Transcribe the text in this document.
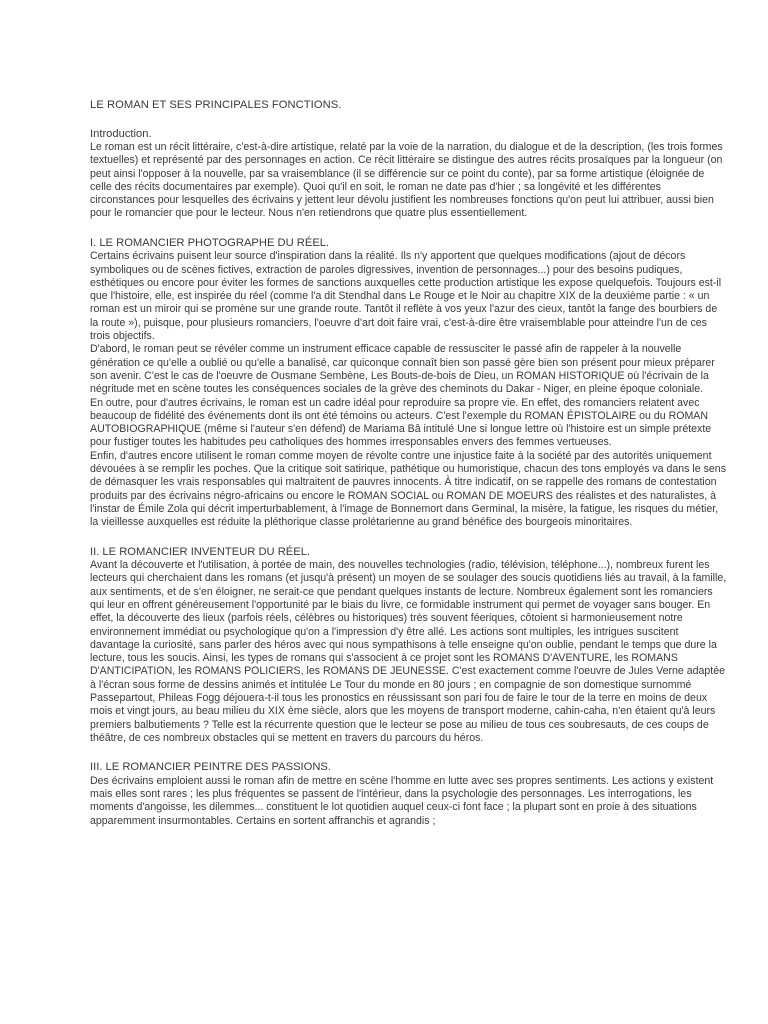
LE ROMAN ET SES PRINCIPALES FONCTIONS.
Introduction.

Le roman est un récit littéraire, c'est-à-dire artistique, relaté par la voie de la narration, du dialogue et de la description, (les trois formes textuelles) et représenté par des personnages en action. Ce récit littéraire se distingue des autres récits prosaïques par la longueur (on peut ainsi l'opposer à la nouvelle, par sa vraisemblance (il se différencie sur ce point du conte), par sa forme artistique (éloignée de celle des récits documentaires par exemple). Quoi qu'il en soit, le roman ne date pas d'hier ; sa longévité et les différentes circonstances pour lesquelles des écrivains y jettent leur dévolu justifient les nombreuses fonctions qu'on peut lui attribuer, aussi bien pour le romancier que pour le lecteur. Nous n'en retiendrons que quatre plus essentiellement.

I. LE ROMANCIER PHOTOGRAPHE DU RÉEL.

Certains écrivains puisent leur source d'inspiration dans la réalité. Ils n'y apportent que quelques modifications (ajout de décors symboliques ou de scènes fictives, extraction de paroles digressives, invention de personnages...) pour des besoins pudiques, esthétiques ou encore pour éviter les formes de sanctions auxquelles cette production artistique les expose quelquefois. Toujours est-il que l'histoire, elle, est inspirée du réel (comme l'a dit Stendhal dans Le Rouge et le Noir au chapitre XIX de la deuxième partie : « un roman est un miroir qui se promène sur une grande route. Tantôt il reflète à vos yeux l'azur des cieux, tantôt la fange des bourbiers de la route »), puisque, pour plusieurs romanciers, l'oeuvre d'art doit faire vrai, c'est-à-dire être vraisemblable pour atteindre l'un de ces trois objectifs.

D'abord, le roman peut se révéler comme un instrument efficace capable de ressusciter le passé afin de rappeler à la nouvelle génération ce qu'elle a oublié ou qu'elle a banalisé, car quiconque connaît bien son passé gère bien son présent pour mieux préparer son avenir. C'est le cas de l'oeuvre de Ousmane Sembène, Les Bouts-de-bois de Dieu, un ROMAN HISTORIQUE où l'écrivain de la négritude met en scène toutes les conséquences sociales de la grève des cheminots du Dakar - Niger, en pleine époque coloniale.

En outre, pour d'autres écrivains, le roman est un cadre idéal pour reproduire sa propre vie. En effet, des romanciers relatent avec beaucoup de fidélité des événements dont ils ont été témoins ou acteurs. C'est l'exemple du ROMAN ÉPISTOLAIRE ou du ROMAN AUTOBIOGRAPHIQUE (même si l'auteur s'en défend) de Mariama Bâ intitulé Une si longue lettre où l'histoire est un simple prétexte pour fustiger toutes les habitudes peu catholiques des hommes irresponsables envers des femmes vertueuses.

Enfin, d'autres encore utilisent le roman comme moyen de révolte contre une injustice faite à la société par des autorités uniquement dévouées à se remplir les poches. Que la critique soit satirique, pathétique ou humoristique, chacun des tons employés va dans le sens de démasquer les vrais responsables qui maltraitent de pauvres innocents. À titre indicatif, on se rappelle des romans de contestation produits par des écrivains négro-africains ou encore le ROMAN SOCIAL ou ROMAN DE MOEURS des réalistes et des naturalistes, à l'instar de Émile Zola qui décrit imperturbablement, à l'image de Bonnemort dans Germinal, la misère, la fatigue, les risques du métier, la vieillesse auxquelles est réduite la pléthorique classe prolétarienne au grand bénéfice des bourgeois minoritaires.

II. LE ROMANCIER INVENTEUR DU RÉEL.

Avant la découverte et l'utilisation, à portée de main, des nouvelles technologies (radio, télévision, téléphone...), nombreux furent les lecteurs qui cherchaient dans les romans (et jusqu'à présent) un moyen de se soulager des soucis quotidiens liés au travail, à la famille, aux sentiments, et de s'en éloigner, ne serait-ce que pendant quelques instants de lecture. Nombreux également sont les romanciers qui leur en offrent généreusement l'opportunité par le biais du livre, ce formidable instrument qui permet de voyager sans bouger. En effet, la découverte des lieux (parfois réels, célèbres ou historiques) très souvent féeriques, côtoient si harmonieusement notre environnement immédiat ou psychologique qu'on a l'impression d'y être allé. Les actions sont multiples, les intrigues suscitent davantage la curiosité, sans parler des héros avec qui nous sympathisons à telle enseigne qu'on oublie, pendant le temps que dure la lecture, tous les soucis. Ainsi, les types de romans qui s'associent à ce projet sont les ROMANS D'AVENTURE, les ROMANS D'ANTICIPATION, les ROMANS POLICIERS, les ROMANS DE JEUNESSE. C'est exactement comme l'oeuvre de Jules Verne adaptée à l'écran sous forme de dessins animés et intitulée Le Tour du monde en 80 jours ; en compagnie de son domestique surnommé Passepartout, Phileas Fogg déjouera-t-il tous les pronostics en réussissant son pari fou de faire le tour de la terre en moins de deux mois et vingt jours, au beau milieu du XIX ème siècle, alors que les moyens de transport moderne, cahin-caha, n'en étaient qu'à leurs premiers balbutiements ? Telle est la récurrente question que le lecteur se pose au milieu de tous ces soubresauts, de ces coups de théâtre, de ces nombreux obstacles qui se mettent en travers du parcours du héros.

III. LE ROMANCIER PEINTRE DES PASSIONS.

Des écrivains emploient aussi le roman afin de mettre en scène l'homme en lutte avec ses propres sentiments. Les actions y existent mais elles sont rares ; les plus fréquentes se passent de l'intérieur, dans la psychologie des personnages. Les interrogations, les moments d'angoisse, les dilemmes... constituent le lot quotidien auquel ceux-ci font face ; la plupart sont en proie à des situations apparemment insurmontables. Certains en sortent affranchis et agrandis ;
